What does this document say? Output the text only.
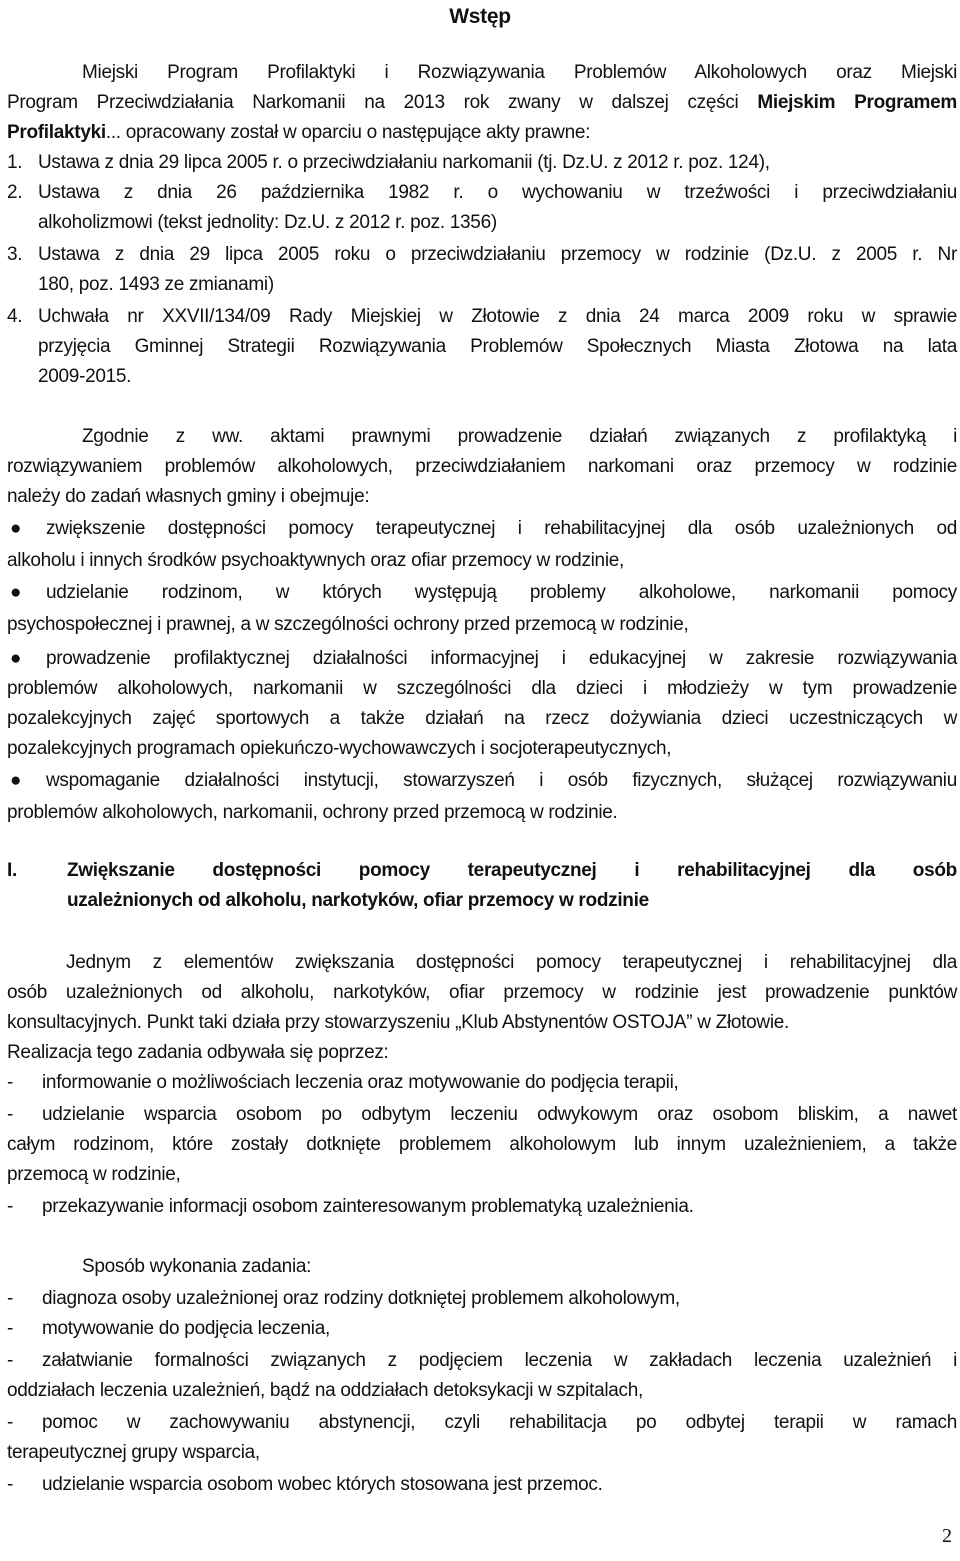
Wstęp
Miejski Program Profilaktyki i Rozwiązywania Problemów Alkoholowych oraz Miejski
Program Przeciwdziałania Narkomanii na 2013 rok zwany w dalszej części Miejskim Programem
Profilaktyki... opracowany został w oparciu o następujące akty prawne:
1. Ustawa z dnia 29 lipca 2005 r. o przeciwdziałaniu narkomanii (tj. Dz.U. z 2012 r. poz. 124),
2. Ustawa z dnia 26 października 1982 r. o wychowaniu w trzeźwości i przeciwdziałaniu
alkoholizmowi (tekst jednolity: Dz.U. z 2012 r. poz. 1356)
3. Ustawa z dnia 29 lipca 2005 roku o przeciwdziałaniu przemocy w rodzinie (Dz.U. z 2005 r. Nr
180, poz. 1493 ze zmianami)
4. Uchwała nr XXVII/134/09 Rady Miejskiej w Złotowie z dnia 24 marca 2009 roku w sprawie
przyjęcia Gminnej Strategii Rozwiązywania Problemów Społecznych Miasta Złotowa na lata
2009-2015.
Zgodnie z ww. aktami prawnymi prowadzenie działań związanych z profilaktyką i
rozwiązywaniem problemów alkoholowych, przeciwdziałaniem narkomani oraz przemocy w rodzinie
należy do zadań własnych gminy i obejmuje:
● zwiększenie dostępności pomocy terapeutycznej i rehabilitacyjnej dla osób uzależnionych od
alkoholu i innych środków psychoaktywnych oraz ofiar przemocy w rodzinie,
● udzielanie rodzinom, w których występują problemy alkoholowe, narkomanii pomocy
psychospołecznej i prawnej, a w szczególności ochrony przed przemocą w rodzinie,
● prowadzenie profilaktycznej działalności informacyjnej i edukacyjnej w zakresie rozwiązywania
problemów alkoholowych, narkomanii w szczególności dla dzieci i młodzieży w tym prowadzenie
pozalekcyjnych zajęć sportowych a także działań na rzecz dożywiania dzieci uczestniczących w
pozalekcyjnych programach opiekuńczo-wychowawczych i socjoterapeutycznych,
● wspomaganie działalności instytucji, stowarzyszeń i osób fizycznych, służącej rozwiązywaniu
problemów alkoholowych, narkomanii, ochrony przed przemocą w rodzinie.
I.	Zwiększanie dostępności pomocy terapeutycznej i rehabilitacyjnej dla osób
uzależnionych od alkoholu, narkotyków, ofiar przemocy w rodzinie
Jednym z elementów zwiększania dostępności pomocy terapeutycznej i rehabilitacyjnej dla
osób uzależnionych od alkoholu, narkotyków, ofiar przemocy w rodzinie jest prowadzenie punktów
konsultacyjnych. Punkt taki działa przy stowarzyszeniu „Klub Abstynentów OSTOJA” w Złotowie.
Realizacja tego zadania odbywała się poprzez:
- informowanie o możliwościach leczenia oraz motywowanie do podjęcia terapii,
- udzielanie wsparcia osobom po odbytym leczeniu odwykowym oraz osobom bliskim, a nawet
całym rodzinom, które zostały dotknięte problemem alkoholowym lub innym uzależnieniem, a także
przemocą w rodzinie,
- przekazywanie informacji osobom zainteresowanym problematyką uzależnienia.
Sposób wykonania zadania:
- diagnoza osoby uzależnionej oraz rodziny dotkniętej problemem alkoholowym,
- motywowanie do podjęcia leczenia,
- załatwianie formalności związanych z podjęciem leczenia w zakładach leczenia uzależnień i
oddziałach leczenia uzależnień, bądź na oddziałach detoksykacji w szpitalach,
- pomoc w zachowywaniu abstynencji, czyli rehabilitacja po odbytej terapii w ramach
terapeutycznej grupy wsparcia,
- udzielanie wsparcia osobom wobec których stosowana jest przemoc.
2
